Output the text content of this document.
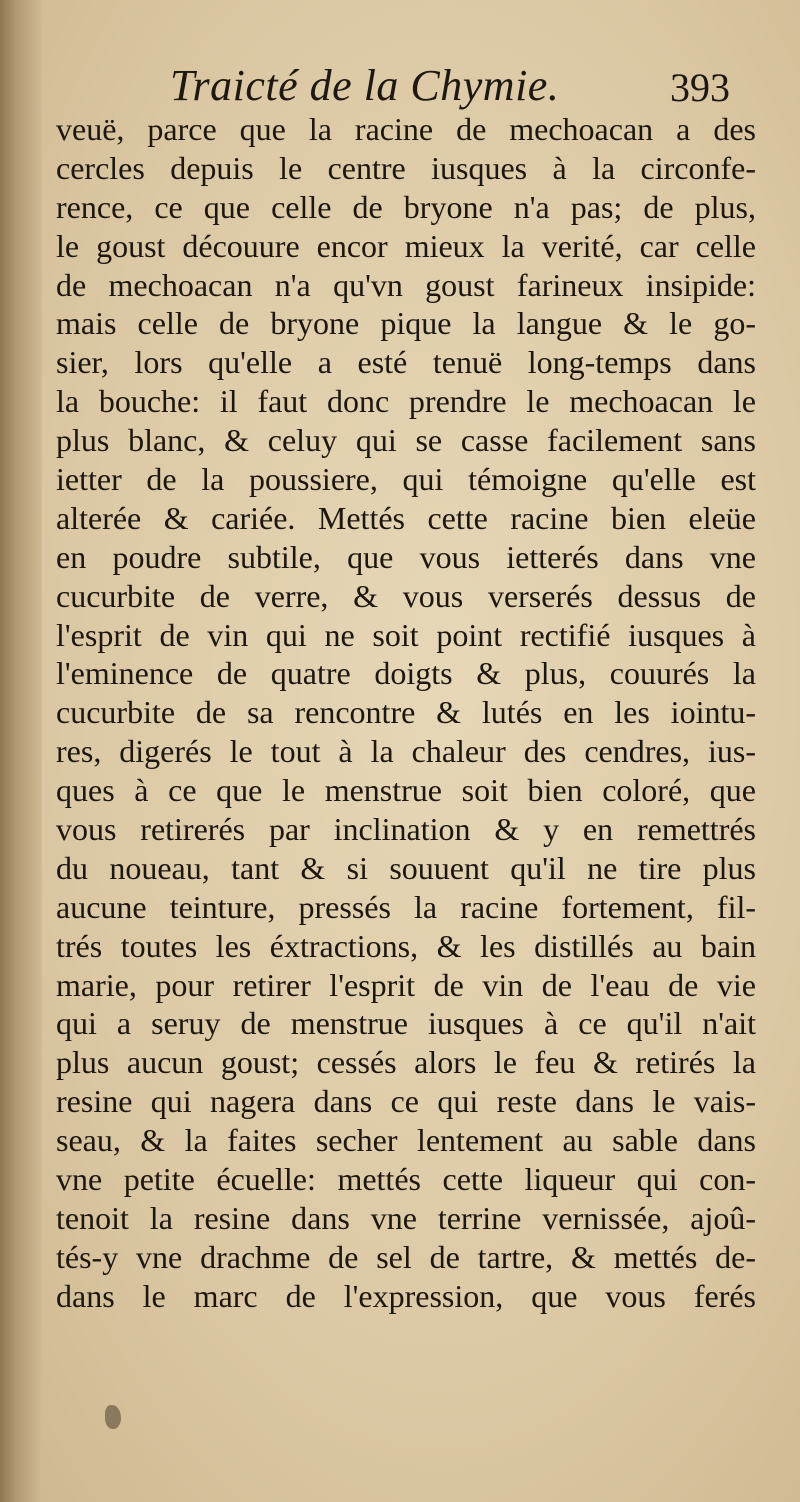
Traicté de la Chymie.	393
veuë, parce que la racine de mechoacan a des
cercles depuis le centre iusques à la circonfe-
rence, ce que celle de bryone n'a pas; de plus,
le goust découure encor mieux la verité, car celle
de mechoacan n'a qu'vn goust farineux insipide:
mais celle de bryone pique la langue & le go-
sier, lors qu'elle a esté tenuë long-temps dans
la bouche: il faut donc prendre le mechoacan le
plus blanc, & celuy qui se casse facilement sans
ietter de la poussiere, qui témoigne qu'elle est
alterée & cariée. Mettés cette racine bien eleüe
en poudre subtile, que vous ietterés dans vne
cucurbite de verre, & vous verserés dessus de
l'esprit de vin qui ne soit point rectifié iusques à
l'eminence de quatre doigts & plus, couurés la
cucurbite de sa rencontre & lutés en les iointu-
res, digerés le tout à la chaleur des cendres, ius-
ques à ce que le menstrue soit bien coloré, que
vous retirerés par inclination & y en remettrés
du noueau, tant & si souuent qu'il ne tire plus
aucune teinture, pressés la racine fortement, fil-
trés toutes les éxtractions, & les distillés au bain
marie, pour retirer l'esprit de vin de l'eau de vie
qui a seruy de menstrue iusques à ce qu'il n'ait
plus aucun goust; cessés alors le feu & retirés la
resine qui nagera dans ce qui reste dans le vais-
seau, & la faites secher lentement au sable dans
vne petite écuelle: mettés cette liqueur qui con-
tenoit la resine dans vne terrine vernissée, ajoû-
tés-y vne drachme de sel de tartre, & mettés de-
dans le marc de l'expression, que vous ferés
